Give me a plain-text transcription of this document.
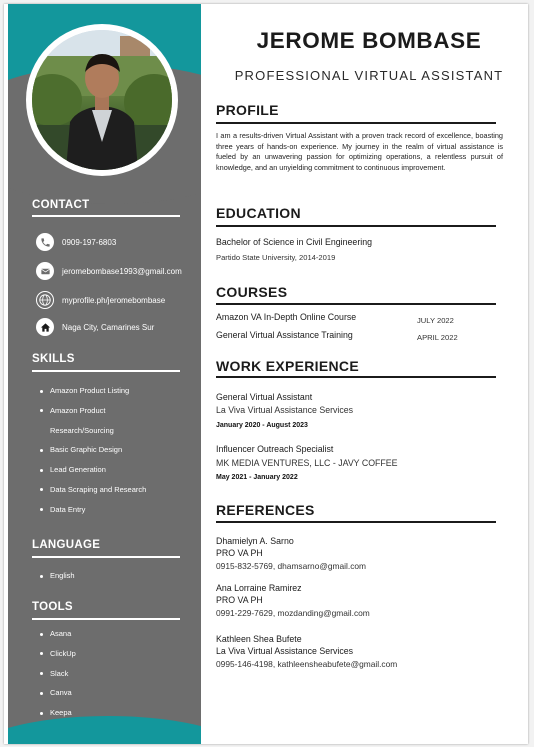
CONTACT
0909-197-6803
jeromebombase1993@gmail.com
myprofile.ph/jeromebombase
Naga City, Camarines Sur
SKILLS
Amazon Product Listing
Amazon Product
Research/Sourcing
Basic Graphic Design
Lead Generation
Data Scraping and Research
Data Entry
LANGUAGE
English
TOOLS
Asana
ClickUp
Slack
Canva
Keepa
JEROME BOMBASE
PROFESSIONAL VIRTUAL ASSISTANT
PROFILE
I am a results-driven Virtual Assistant with a proven track record of excellence, boasting three years of hands-on experience. My journey in the realm of virtual assistance is fueled by an unwavering passion for optimizing operations, a relentless pursuit of knowledge, and an unyielding commitment to continuous improvement.
EDUCATION
Bachelor of Science in Civil Engineering
Partido State University, 2014-2019
COURSES
Amazon VA In-Depth Online Course	JULY 2022
General Virtual Assistance Training	APRIL 2022
WORK EXPERIENCE
General Virtual Assistant
La Viva Virtual Assistance Services
January 2020 - August 2023
Influencer Outreach Specialist
MK MEDIA VENTURES, LLC - JAVY COFFEE
May 2021 - January 2022
REFERENCES
Dhamielyn A. Sarno
PRO VA PH
0915-832-5769, dhamsarno@gmail.com
Ana Lorraine Ramirez
PRO VA PH
0991-229-7629, mozdanding@gmail.com
Kathleen Shea Bufete
La Viva Virtual Assistance Services
0995-146-4198, kathleensheabufete@gmail.com
